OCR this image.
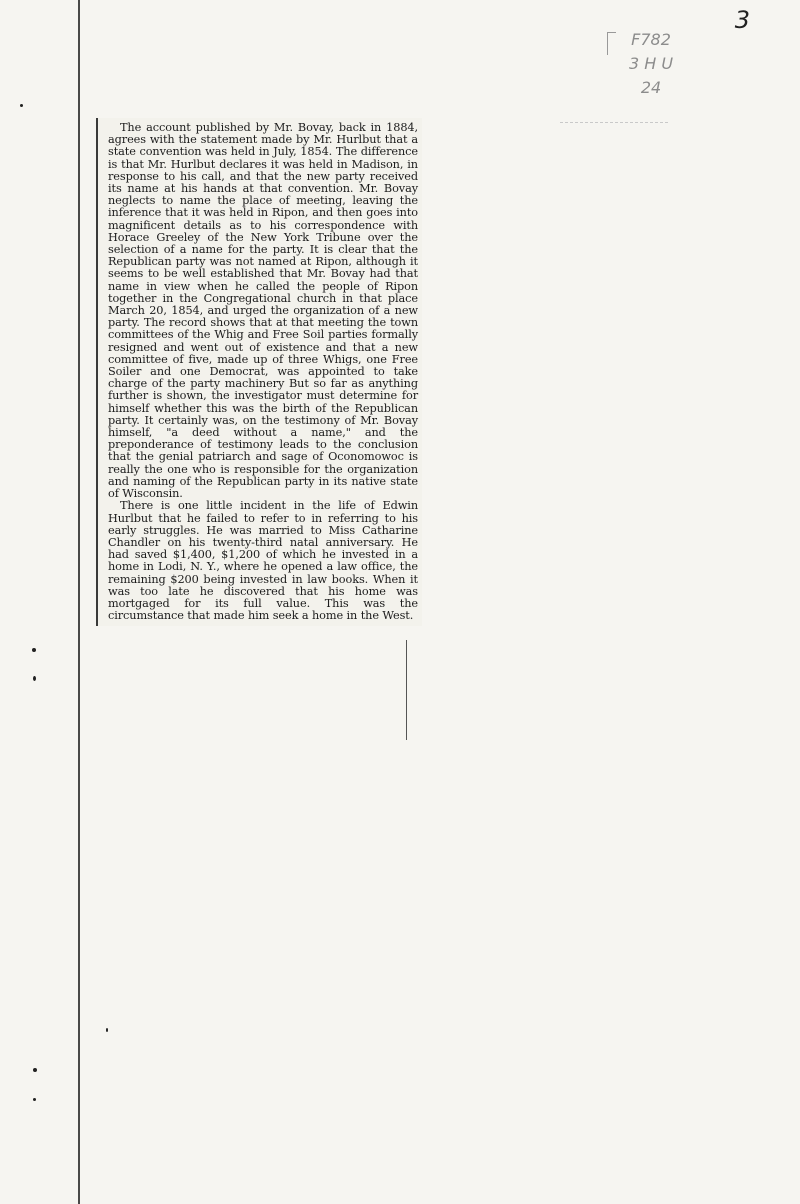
3
F782
3 H U
24

The account published by Mr. Bovay, back in 1884, agrees with the statement made by Mr. Hurlbut that a state convention was held in July, 1854. The difference is that Mr. Hurlbut declares it was held in Madison, in response to his call, and that the new party received its name at his hands at that convention. Mr. Bovay neglects to name the place of meeting, leaving the inference that it was held in Ripon, and then goes into magnificent details as to his correspondence with Horace Greeley of the New York Tribune over the selection of a name for the party. It is clear that the Republican party was not named at Ripon, although it seems to be well established that Mr. Bovay had that name in view when he called the people of Ripon together in the Congregational church in that place March 20, 1854, and urged the organization of a new party. The record shows that at that meeting the town committees of the Whig and Free Soil parties formally resigned and went out of existence and that a new committee of five, made up of three Whigs, one Free Soiler and one Democrat, was appointed to take charge of the party machinery But so far as anything further is shown, the investigator must determine for himself whether this was the birth of the Republican party. It certainly was, on the testimony of Mr. Bovay himself, "a deed without a name," and the preponderance of testimony leads to the conclusion that the genial patriarch and sage of Oconomowoc is really the one who is responsible for the organization and naming of the Republican party in its native state of Wisconsin.

There is one little incident in the life of Edwin Hurlbut that he failed to refer to in referring to his early struggles. He was married to Miss Catharine Chandler on his twenty-third natal anniversary. He had saved $1,400, $1,200 of which he invested in a home in Lodi, N. Y., where he opened a law office, the remaining $200 being invested in law books. When it was too late he discovered that his home was mortgaged for its full value. This was the circumstance that made him seek a home in the West.
